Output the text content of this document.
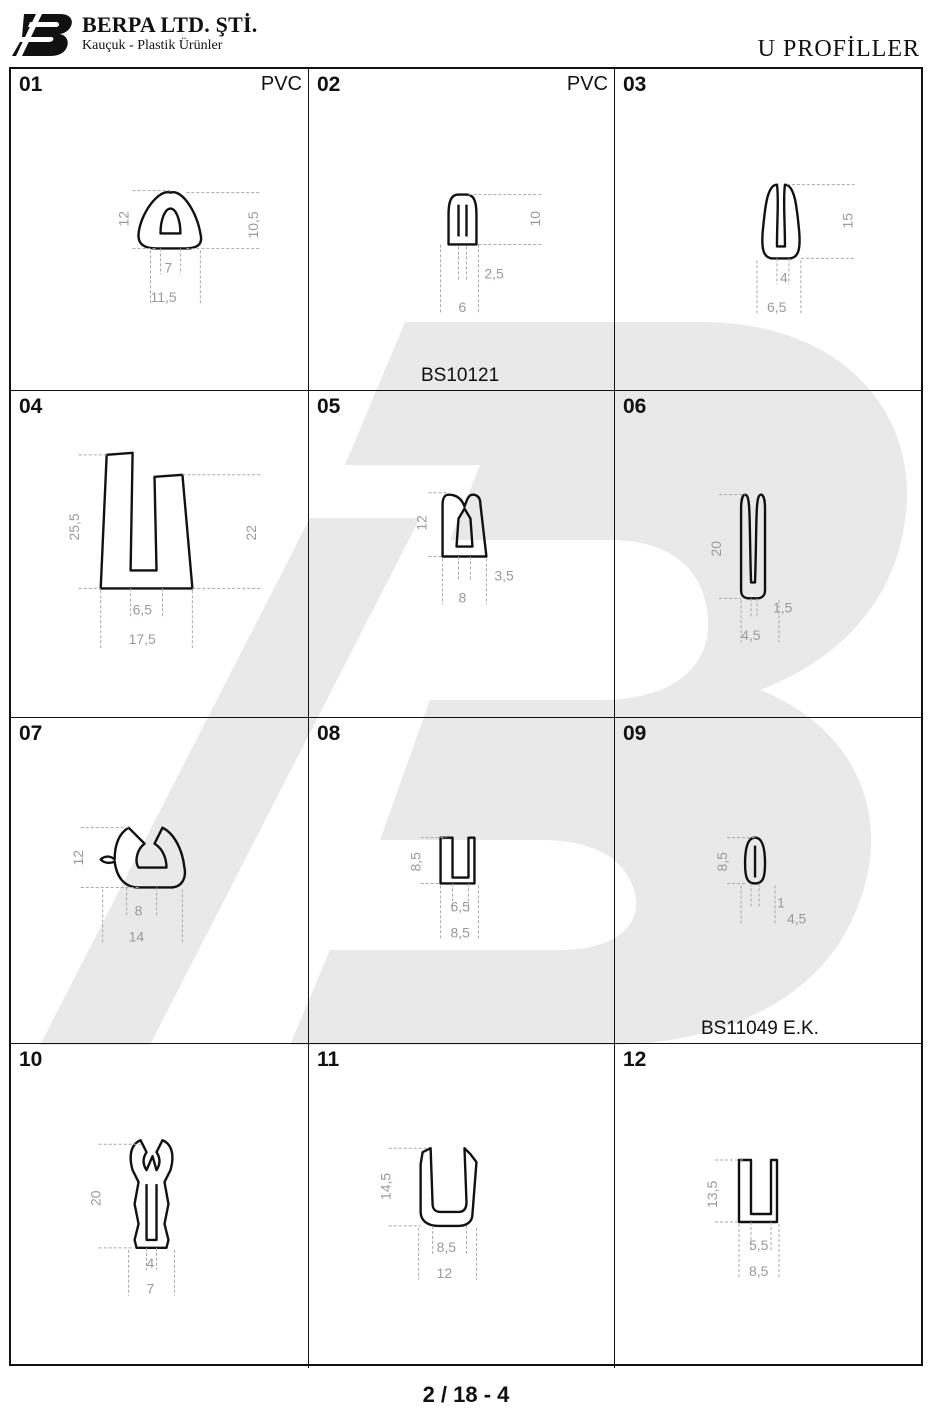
BERPA LTD. ŞTİ.
Kauçuk - Plastik Ürünler	U PROFİLLER
01	PVC
12	10,5
7
11,5
02	PVC
10
2,5
6
BS10121
03
15
4
6,5
04
25,5	22
6,5
17,5
05
12
3,5
8
06
20
1,5
4,5
07
12
8
14
08
8,5
6,5
8,5
09
8,5
1
4,5
BS11049 E.K.
10
20
4
7
11
14,5
8,5
12
12
13,5
5,5
8,5
2 / 18 - 4
